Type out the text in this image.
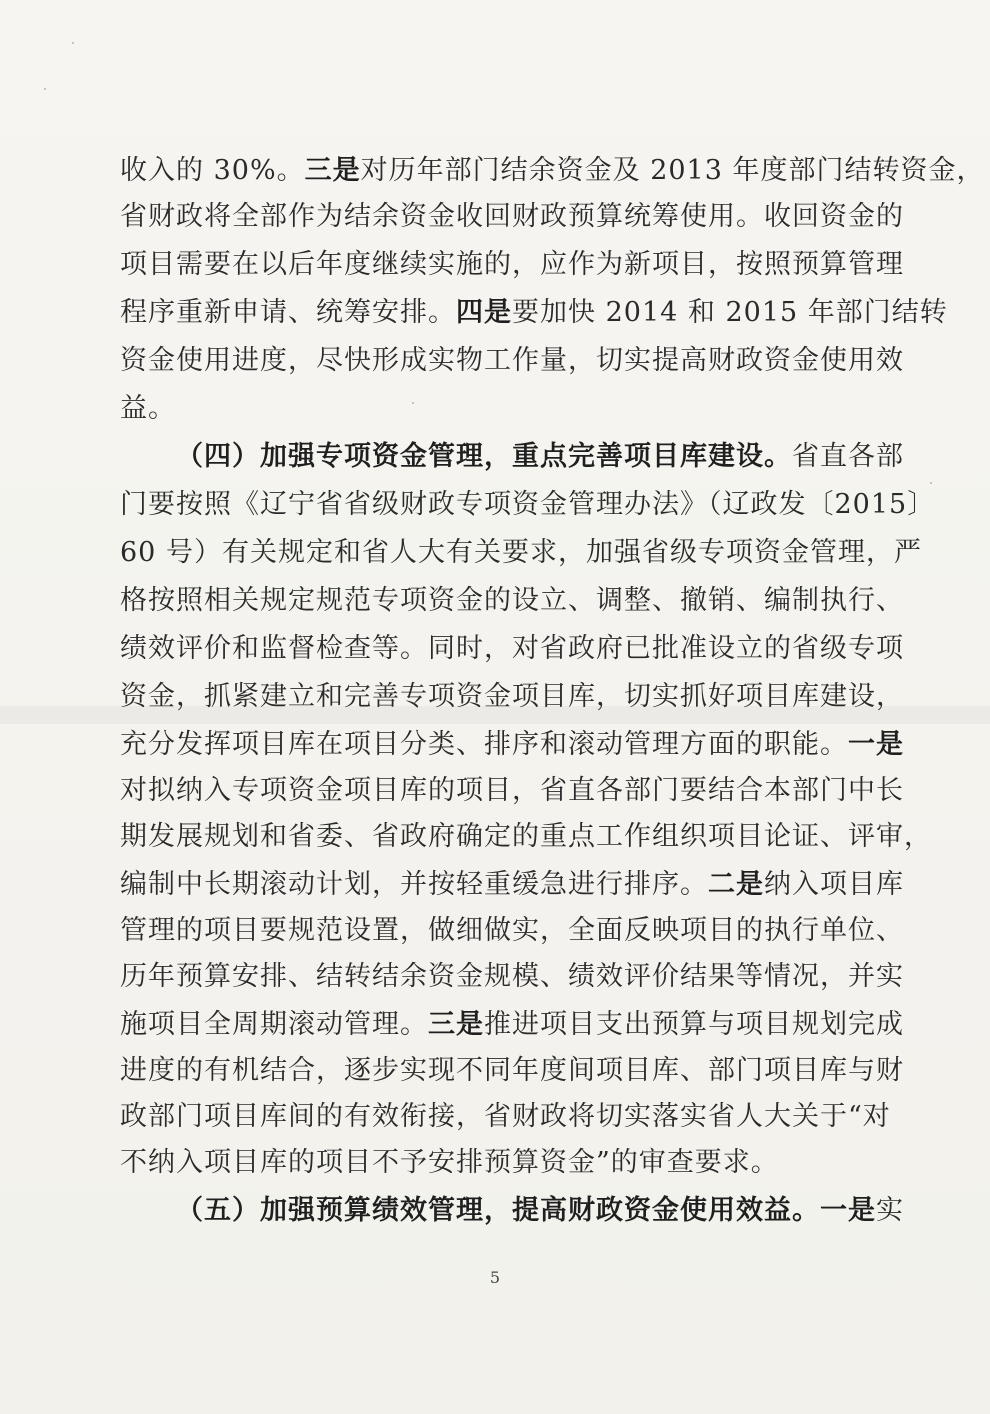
收入的 30%。三是对历年部门结余资金及 2013 年度部门结转资金，

省财政将全部作为结余资金收回财政预算统筹使用。收回资金的

项目需要在以后年度继续实施的，应作为新项目，按照预算管理

程序重新申请、统筹安排。四是要加快 2014 和 2015 年部门结转

资金使用进度，尽快形成实物工作量，切实提高财政资金使用效

益。

（四）加强专项资金管理，重点完善项目库建设。省直各部

门要按照《辽宁省省级财政专项资金管理办法》（辽政发〔2015〕

60 号）有关规定和省人大有关要求，加强省级专项资金管理，严

格按照相关规定规范专项资金的设立、调整、撤销、编制执行、

绩效评价和监督检查等。同时，对省政府已批准设立的省级专项

资金，抓紧建立和完善专项资金项目库，切实抓好项目库建设，

充分发挥项目库在项目分类、排序和滚动管理方面的职能。一是

对拟纳入专项资金项目库的项目，省直各部门要结合本部门中长

期发展规划和省委、省政府确定的重点工作组织项目论证、评审，

编制中长期滚动计划，并按轻重缓急进行排序。二是纳入项目库

管理的项目要规范设置，做细做实，全面反映项目的执行单位、

历年预算安排、结转结余资金规模、绩效评价结果等情况，并实

施项目全周期滚动管理。三是推进项目支出预算与项目规划完成

进度的有机结合，逐步实现不同年度间项目库、部门项目库与财

政部门项目库间的有效衔接，省财政将切实落实省人大关于“对

不纳入项目库的项目不予安排预算资金”的审查要求。

（五）加强预算绩效管理，提高财政资金使用效益。一是实

5
